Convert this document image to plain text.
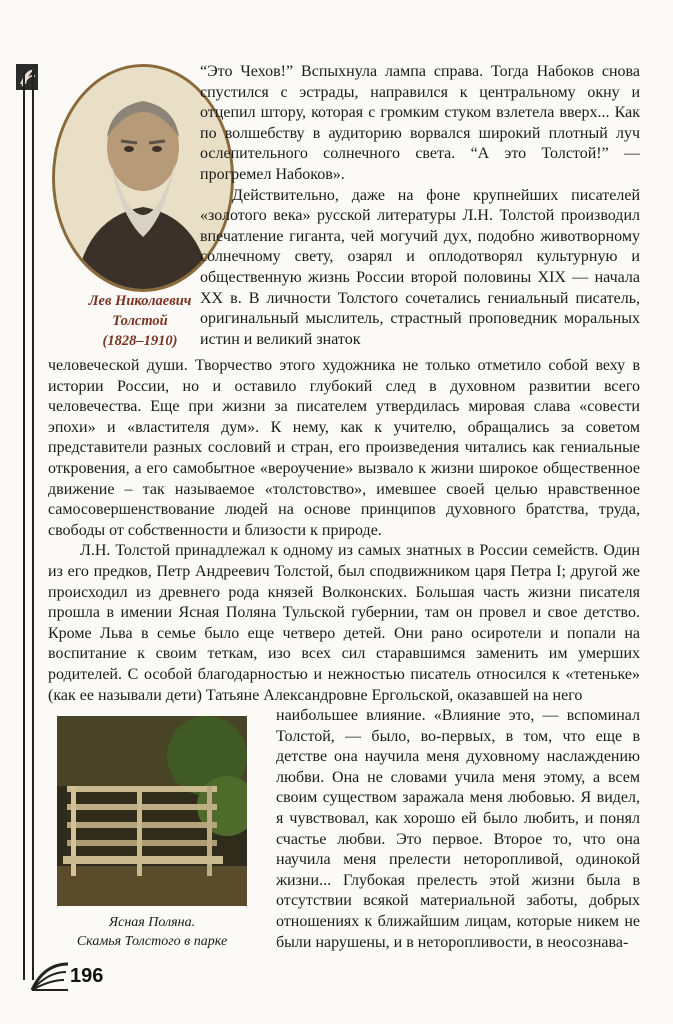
Лев Николаевич
Толстой
(1828–1910)

“Это Чехов!” Вспыхнула лампа справа. Тогда Набоков снова спустился с эстрады, направился к центральному окну и отцепил штору, которая с громким стуком взлетела вверх... Как по волшебству в аудиторию ворвался широкий плотный луч ослепительного солнечного света. “А это Толстой!” — прогремел Набоков».

Действительно, даже на фоне крупнейших писателей «золотого века» русской литературы Л.Н. Толстой производил впечатление гиганта, чей могучий дух, подобно животворному солнечному свету, озарял и оплодотворял культурную и общественную жизнь России второй половины XIX — начала XX в. В личности Толстого сочетались гениальный писатель, оригинальный мыслитель, страстный проповедник моральных истин и великий знаток

человеческой души. Творчество этого художника не только отметило собой веху в истории России, но и оставило глубокий след в духовном развитии всего человечества. Еще при жизни за писателем утвердилась мировая слава «совести эпохи» и «властителя дум». К нему, как к учителю, обращались за советом представители разных сословий и стран, его произведения читались как гениальные откровения, а его самобытное «вероучение» вызвало к жизни широкое общественное движение – так называемое «толстовство», имевшее своей целью нравственное самосовершенствование людей на основе принципов духовного братства, труда, свободы от собственности и близости к природе.

Л.Н. Толстой принадлежал к одному из самых знатных в России семейств. Один из его предков, Петр Андреевич Толстой, был сподвижником царя Петра I; другой же происходил из древнего рода князей Волконских. Большая часть жизни писателя прошла в имении Ясная Поляна Тульской губернии, там он провел и свое детство. Кроме Льва в семье было еще четверо детей. Они рано осиротели и попали на воспитание к своим теткам, изо всех сил старавшимся заменить им умерших родителей. С особой благодарностью и нежностью писатель относился к «тетеньке» (как ее называли дети) Татьяне Александровне Ергольской, оказавшей на него

Ясная Поляна.
Скамья Толстого в парке

наибольшее влияние. «Влияние это, — вспоминал Толстой, — было, во-первых, в том, что еще в детстве она научила меня духовному наслаждению любви. Она не словами учила меня этому, а всем своим существом заражала меня любовью. Я видел, я чувствовал, как хорошо ей было любить, и понял счастье любви. Это первое. Второе то, что она научила меня прелести неторопливой, одинокой жизни... Глубокая прелесть этой жизни была в отсутствии всякой материальной заботы, добрых отношениях к ближайшим лицам, которые никем не были нарушены, и в неторопливости, в неосознава-

196
